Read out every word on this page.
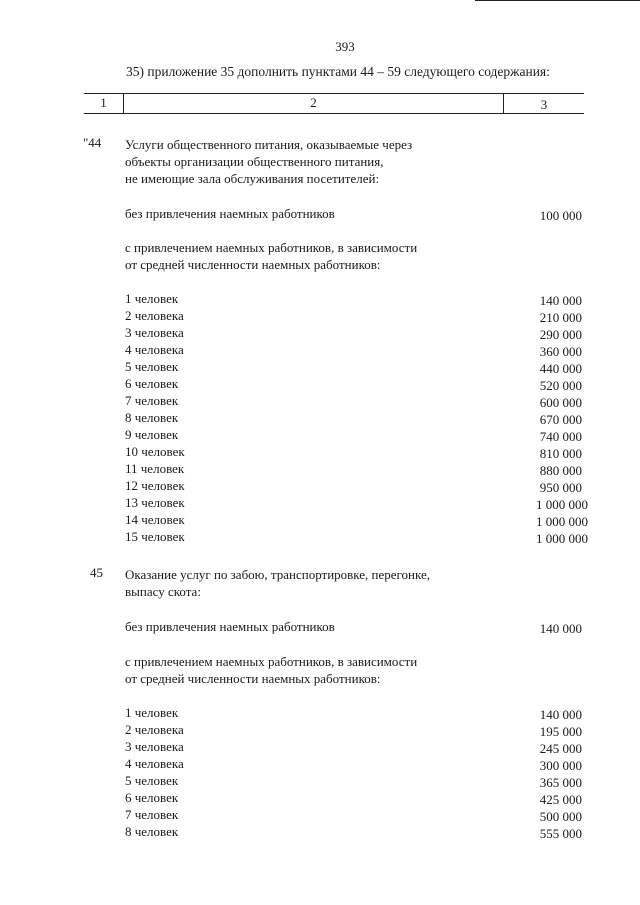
393
35) приложение 35 дополнить пунктами 44 – 59 следующего содержания:
1	2	3
"44 Услуги общественного питания, оказываемые через
объекты организации общественного питания,
не имеющие зала обслуживания посетителей:
без привлечения наемных работников	100 000
с привлечением наемных работников, в зависимости
от средней численности наемных работников:
1 человек	140 000
2 человека	210 000
3 человека	290 000
4 человека	360 000
5 человек	440 000
6 человек	520 000
7 человек	600 000
8 человек	670 000
9 человек	740 000
10 человек	810 000
11 человек	880 000
12 человек	950 000
13 человек	1 000 000
14 человек	1 000 000
15 человек	1 000 000
45 Оказание услуг по забою, транспортировке, перегонке,
выпасу скота:
без привлечения наемных работников	140 000
с привлечением наемных работников, в зависимости
от средней численности наемных работников:
1 человек	140 000
2 человека	195 000
3 человека	245 000
4 человека	300 000
5 человек	365 000
6 человек	425 000
7 человек	500 000
8 человек	555 000
